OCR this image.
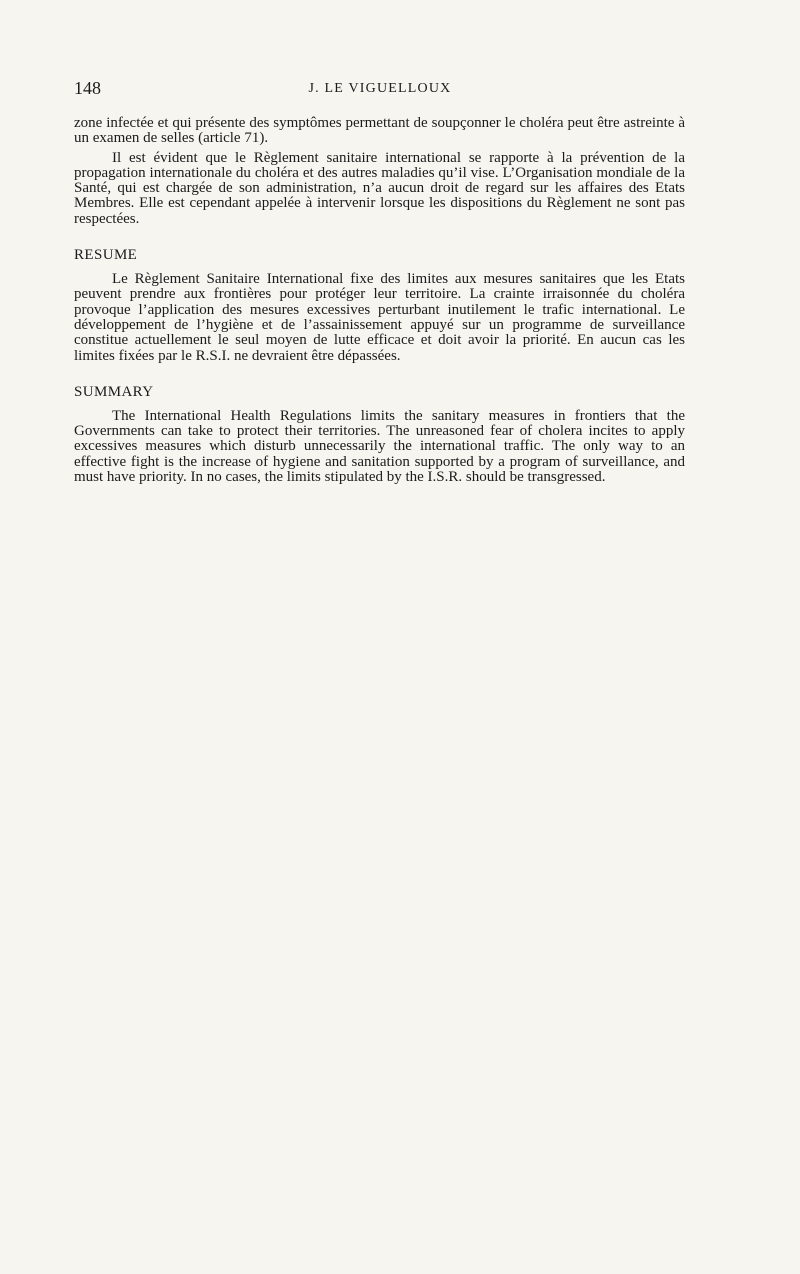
148	J. LE VIGUELLOUX

zone infectée et qui présente des symptômes permettant de soupçonner le choléra peut être astreinte à un examen de selles (article 71).

Il est évident que le Règlement sanitaire international se rapporte à la prévention de la propagation internationale du choléra et des autres maladies qu’il vise. L’Organisation mondiale de la Santé, qui est chargée de son administration, n’a aucun droit de regard sur les affaires des Etats Membres. Elle est cependant appelée à intervenir lorsque les dispositions du Règlement ne sont pas respectées.

RESUME

Le Règlement Sanitaire International fixe des limites aux mesures sanitaires que les Etats peuvent prendre aux frontières pour protéger leur territoire. La crainte irraisonnée du choléra provoque l’application des mesures excessives perturbant inutilement le trafic international. Le développement de l’hygiène et de l’assainissement appuyé sur un programme de surveillance constitue actuellement le seul moyen de lutte efficace et doit avoir la priorité. En aucun cas les limites fixées par le R.S.I. ne devraient être dépassées.

SUMMARY

The International Health Regulations limits the sanitary measures in frontiers that the Governments can take to protect their territories. The unreasoned fear of cholera incites to apply excessives measures which disturb unnecessarily the international traffic. The only way to an effective fight is the increase of hygiene and sanitation supported by a program of surveillance, and must have priority. In no cases, the limits stipulated by the I.S.R. should be transgressed.
